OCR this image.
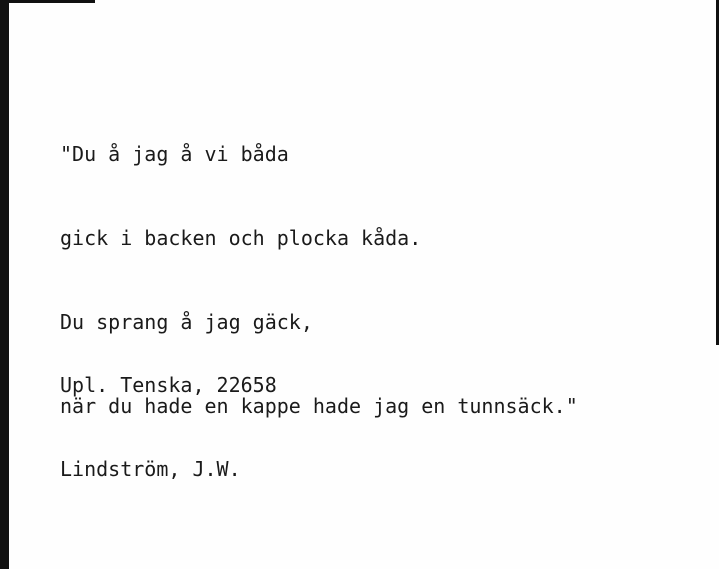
"Du å jag å vi båda

gick i backen och plocka kåda.

Du sprang å jag gäck,

när du hade en kappe hade jag en tunnsäck."

Upl. Tenska, 22658

Lindström, J.W.
